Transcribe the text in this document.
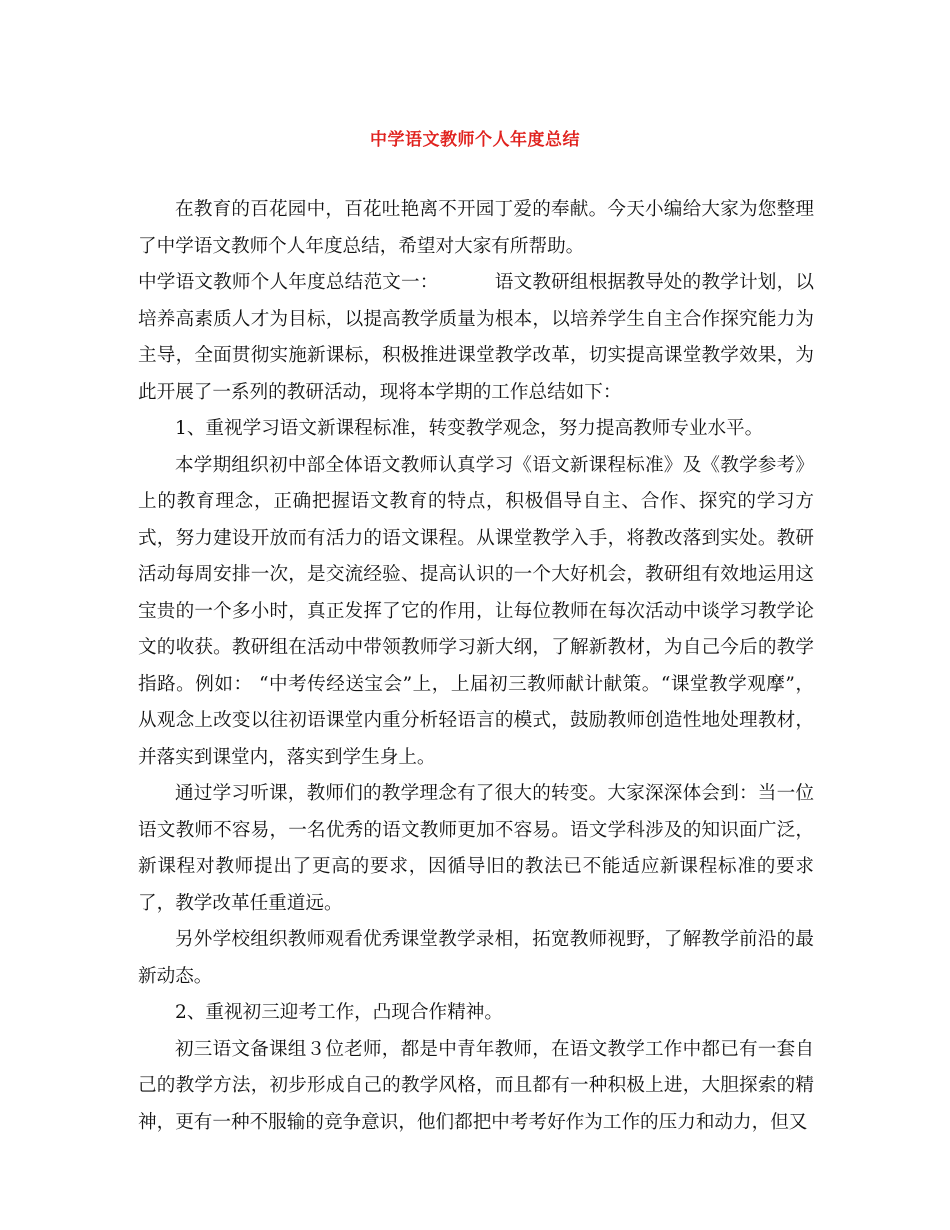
中学语文教师个人年度总结

在教育的百花园中，百花吐艳离不开园丁爱的奉献。今天小编给大家为您整理了中学语文教师个人年度总结，希望对大家有所帮助。

中学语文教师个人年度总结范文一：	语文教研组根据教导处的教学计划，以培养高素质人才为目标，以提高教学质量为根本，以培养学生自主合作探究能力为主导，全面贯彻实施新课标，积极推进课堂教学改革，切实提高课堂教学效果，为此开展了一系列的教研活动，现将本学期的工作总结如下：

1、重视学习语文新课程标准，转变教学观念，努力提高教师专业水平。

本学期组织初中部全体语文教师认真学习《语文新课程标准》及《教学参考》上的教育理念，正确把握语文教育的特点，积极倡导自主、合作、探究的学习方式，努力建设开放而有活力的语文课程。从课堂教学入手，将教改落到实处。教研活动每周安排一次，是交流经验、提高认识的一个大好机会，教研组有效地运用这宝贵的一个多小时，真正发挥了它的作用，让每位教师在每次活动中谈学习教学论文的收获。教研组在活动中带领教师学习新大纲，了解新教材，为自己今后的教学指路。例如： “中考传经送宝会”上，上届初三教师献计献策。“课堂教学观摩”，从观念上改变以往初语课堂内重分析轻语言的模式，鼓励教师创造性地处理教材，并落实到课堂内，落实到学生身上。

通过学习听课，教师们的教学理念有了很大的转变。大家深深体会到：当一位语文教师不容易，一名优秀的语文教师更加不容易。语文学科涉及的知识面广泛，新课程对教师提出了更高的要求，因循导旧的教法已不能适应新课程标准的要求了，教学改革任重道远。

另外学校组织教师观看优秀课堂教学录相，拓宽教师视野，了解教学前沿的最新动态。

2、重视初三迎考工作，凸现合作精神。

初三语文备课组３位老师，都是中青年教师，在语文教学工作中都已有一套自己的教学方法，初步形成自己的教学风格，而且都有一种积极上进，大胆探索的精神，更有一种不服输的竞争意识，他们都把中考考好作为工作的压力和动力，但又
